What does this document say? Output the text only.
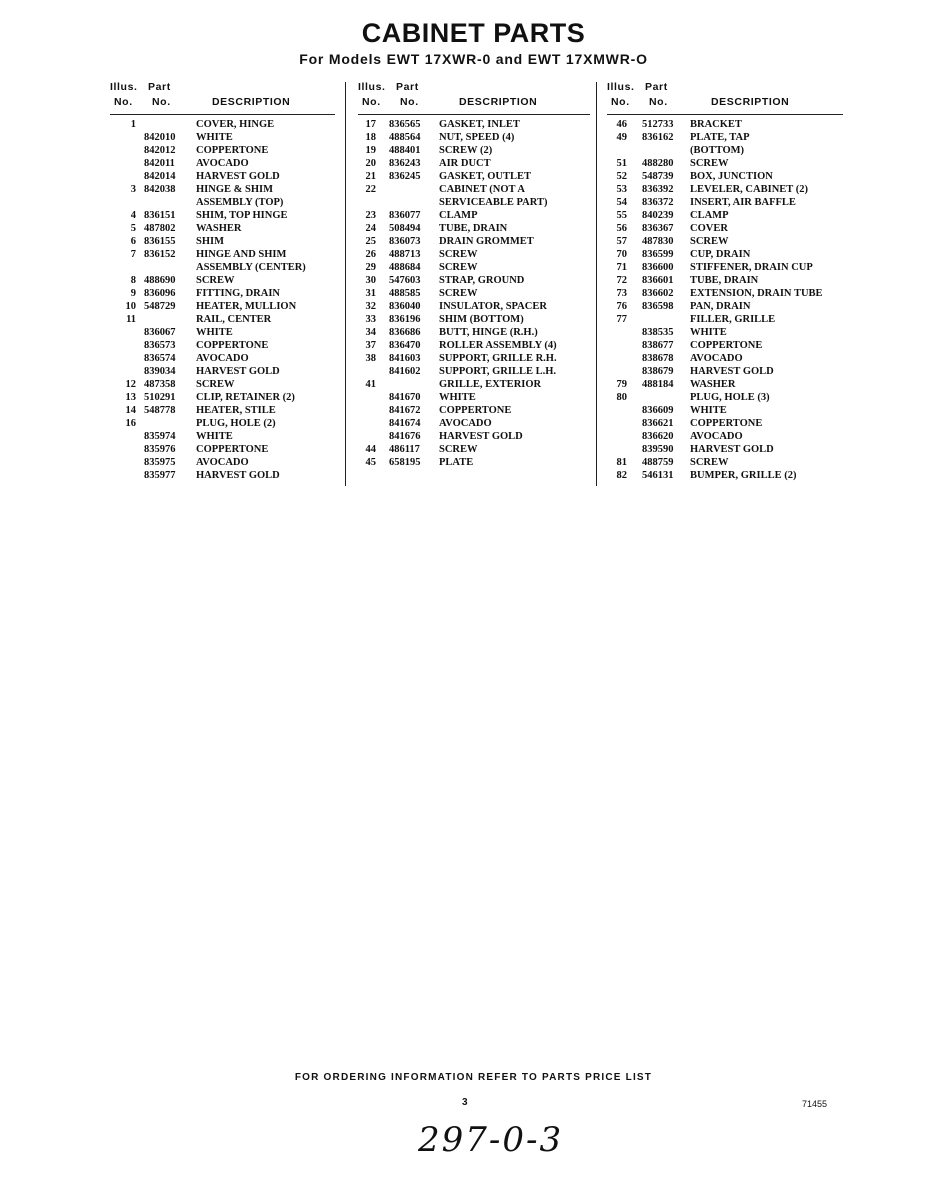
CABINET PARTS
For Models EWT 17XWR-0 and EWT 17XMWR-O
Illus. Part
No. No.	DESCRIPTION
1	COVER, HINGE
842010 WHITE
842012 COPPERTONE
842011 AVOCADO
842014 HARVEST GOLD
3 842038 HINGE & SHIM
ASSEMBLY (TOP)
4 836151 SHIM, TOP HINGE
5 487802 WASHER
6 836155 SHIM
7 836152 HINGE AND SHIM
ASSEMBLY (CENTER)
8 488690 SCREW
9 836096 FITTING, DRAIN
10 548729 HEATER, MULLION
11	RAIL, CENTER
836067 WHITE
836573 COPPERTONE
836574 AVOCADO
839034 HARVEST GOLD
12 487358 SCREW
13 510291 CLIP, RETAINER (2)
14 548778 HEATER, STILE
16	PLUG, HOLE (2)
835974 WHITE
835976 COPPERTONE
835975 AVOCADO
835977 HARVEST GOLD
Illus. Part
No. No.	DESCRIPTION
17 836565 GASKET, INLET
18 488564 NUT, SPEED (4)
19 488401 SCREW (2)
20 836243 AIR DUCT
21 836245 GASKET, OUTLET
22	CABINET (NOT A
SERVICEABLE PART)
23 836077 CLAMP
24 508494 TUBE, DRAIN
25 836073 DRAIN GROMMET
26 488713 SCREW
29 488684 SCREW
30 547603 STRAP, GROUND
31 488585 SCREW
32 836040 INSULATOR, SPACER
33 836196 SHIM (BOTTOM)
34 836686 BUTT, HINGE (R.H.)
37 836470 ROLLER ASSEMBLY (4)
38 841603 SUPPORT, GRILLE R.H.
841602 SUPPORT, GRILLE L.H.
41	GRILLE, EXTERIOR
841670 WHITE
841672 COPPERTONE
841674 AVOCADO
841676 HARVEST GOLD
44 486117 SCREW
45 658195 PLATE
Illus. Part
No. No.	DESCRIPTION
46 512733 BRACKET
49 836162 PLATE, TAP
(BOTTOM)
51 488280 SCREW
52 548739 BOX, JUNCTION
53 836392 LEVELER, CABINET (2)
54 836372 INSERT, AIR BAFFLE
55 840239 CLAMP
56 836367 COVER
57 487830 SCREW
70 836599 CUP, DRAIN
71 836600 STIFFENER, DRAIN CUP
72 836601 TUBE, DRAIN
73 836602 EXTENSION, DRAIN TUBE
76 836598 PAN, DRAIN
77	FILLER, GRILLE
838535 WHITE
838677 COPPERTONE
838678 AVOCADO
838679 HARVEST GOLD
79 488184 WASHER
80	PLUG, HOLE (3)
836609 WHITE
836621 COPPERTONE
836620 AVOCADO
839590 HARVEST GOLD
81 488759 SCREW
82 546131 BUMPER, GRILLE (2)
FOR ORDERING INFORMATION REFER TO PARTS PRICE LIST
3	71455
297-0-3
